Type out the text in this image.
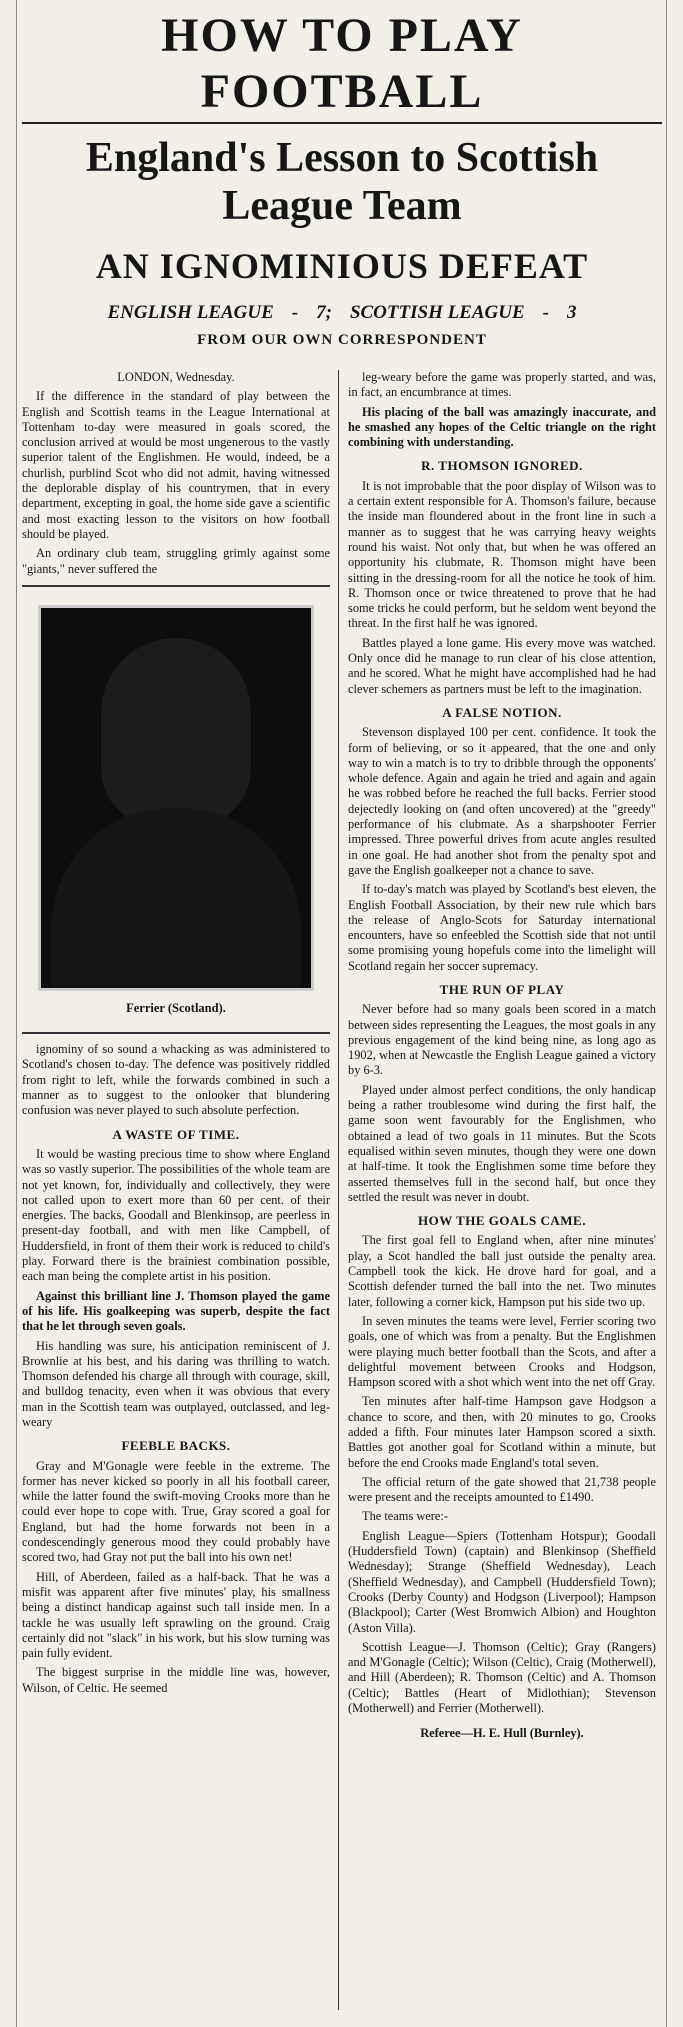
HOW TO PLAY FOOTBALL
England's Lesson to Scottish League Team
AN IGNOMINIOUS DEFEAT
ENGLISH LEAGUE - 7; SCOTTISH LEAGUE - 3
FROM OUR OWN CORRESPONDENT
LONDON, Wednesday.

If the difference in the standard of play between the English and Scottish teams in the League International at Tottenham to-day were measured in goals scored, the conclusion arrived at would be most ungenerous to the vastly superior talent of the Englishmen. He would, indeed, be a churlish, purblind Scot who did not admit, having witnessed the deplorable display of his countrymen, that in every department, excepting in goal, the home side gave a scientific and most exacting lesson to the visitors on how football should be played.

An ordinary club team, struggling grimly against some "giants," never suffered the

Ferrier (Scotland).

ignominy of so sound a whacking as was administered to Scotland's chosen to-day. The defence was positively riddled from right to left, while the forwards combined in such a manner as to suggest to the onlooker that blundering confusion was never played to such absolute perfection.

A WASTE OF TIME.

It would be wasting precious time to show where England was so vastly superior. The possibilities of the whole team are not yet known, for, individually and collectively, they were not called upon to exert more than 60 per cent. of their energies. The backs, Goodall and Blenkinsop, are peerless in present-day football, and with men like Campbell, of Huddersfield, in front of them their work is reduced to child's play. Forward there is the brainiest combination possible, each man being the complete artist in his position.

Against this brilliant line J. Thomson played the game of his life. His goalkeeping was superb, despite the fact that he let through seven goals.

His handling was sure, his anticipation reminiscent of J. Brownlie at his best, and his daring was thrilling to watch. Thomson defended his charge all through with courage, skill, and bulldog tenacity, even when it was obvious that every man in the Scottish team was outplayed, outclassed, and leg-weary

FEEBLE BACKS.

Gray and M'Gonagle were feeble in the extreme. The former has never kicked so poorly in all his football career, while the latter found the swift-moving Crooks more than he could ever hope to cope with. True, Gray scored a goal for England, but had the home forwards not been in a condescendingly generous mood they could probably have scored two, had Gray not put the ball into his own net!

Hill, of Aberdeen, failed as a half-back. That he was a misfit was apparent after five minutes' play, his smallness being a distinct handicap against such tall inside men. In a tackle he was usually left sprawling on the ground. Craig certainly did not "slack" in his work, but his slow turning was pain fully evident.

The biggest surprise in the middle line was, however, Wilson, of Celtic. He seemed

leg-weary before the game was properly started, and was, in fact, an encumbrance at times.

His placing of the ball was amazingly inaccurate, and he smashed any hopes of the Celtic triangle on the right combining with understanding.

R. THOMSON IGNORED.

It is not improbable that the poor display of Wilson was to a certain extent responsible for A. Thomson's failure, because the inside man floundered about in the front line in such a manner as to suggest that he was carrying heavy weights round his waist. Not only that, but when he was offered an opportunity his clubmate, R. Thomson might have been sitting in the dressing-room for all the notice he took of him. R. Thomson once or twice threatened to prove that he had some tricks he could perform, but he seldom went beyond the threat. In the first half he was ignored.

Battles played a lone game. His every move was watched. Only once did he manage to run clear of his close attention, and he scored. What he might have accomplished had he had clever schemers as partners must be left to the imagination.

A FALSE NOTION.

Stevenson displayed 100 per cent. confidence. It took the form of believing, or so it appeared, that the one and only way to win a match is to try to dribble through the opponents' whole defence. Again and again he tried and again and again he was robbed before he reached the full backs. Ferrier stood dejectedly looking on (and often uncovered) at the "greedy" performance of his clubmate. As a sharpshooter Ferrier impressed. Three powerful drives from acute angles resulted in one goal. He had another shot from the penalty spot and gave the English goalkeeper not a chance to save.

If to-day's match was played by Scotland's best eleven, the English Football Association, by their new rule which bars the release of Anglo-Scots for Saturday international encounters, have so enfeebled the Scottish side that not until some promising young hopefuls come into the limelight will Scotland regain her soccer supremacy.

THE RUN OF PLAY

Never before had so many goals been scored in a match between sides representing the Leagues, the most goals in any previous engagement of the kind being nine, as long ago as 1902, when at Newcastle the English League gained a victory by 6-3.

Played under almost perfect conditions, the only handicap being a rather troublesome wind during the first half, the game soon went favourably for the Englishmen, who obtained a lead of two goals in 11 minutes. But the Scots equalised within seven minutes, though they were one down at half-time. It took the Englishmen some time before they asserted themselves full in the second half, but once they settled the result was never in doubt.

HOW THE GOALS CAME.

The first goal fell to England when, after nine minutes' play, a Scot handled the ball just outside the penalty area. Campbell took the kick. He drove hard for goal, and a Scottish defender turned the ball into the net. Two minutes later, following a corner kick, Hampson put his side two up.

In seven minutes the teams were level, Ferrier scoring two goals, one of which was from a penalty. But the Englishmen were playing much better football than the Scots, and after a delightful movement between Crooks and Hodgson, Hampson scored with a shot which went into the net off Gray.

Ten minutes after half-time Hampson gave Hodgson a chance to score, and then, with 20 minutes to go, Crooks added a fifth. Four minutes later Hampson scored a sixth. Battles got another goal for Scotland within a minute, but before the end Crooks made England's total seven.

The official return of the gate showed that 21,738 people were present and the receipts amounted to £1490.

The teams were:-

English League—Spiers (Tottenham Hotspur); Goodall (Huddersfield Town) (captain) and Blenkinsop (Sheffield Wednesday); Strange (Sheffield Wednesday), Leach (Sheffield Wednesday), and Campbell (Huddersfield Town); Crooks (Derby County) and Hodgson (Liverpool); Hampson (Blackpool); Carter (West Bromwich Albion) and Houghton (Aston Villa).

Scottish League—J. Thomson (Celtic); Gray (Rangers) and M'Gonagle (Celtic); Wilson (Celtic), Craig (Motherwell), and Hill (Aberdeen); R. Thomson (Celtic) and A. Thomson (Celtic); Battles (Heart of Midlothian); Stevenson (Motherwell) and Ferrier (Motherwell).

Referee—H. E. Hull (Burnley).
